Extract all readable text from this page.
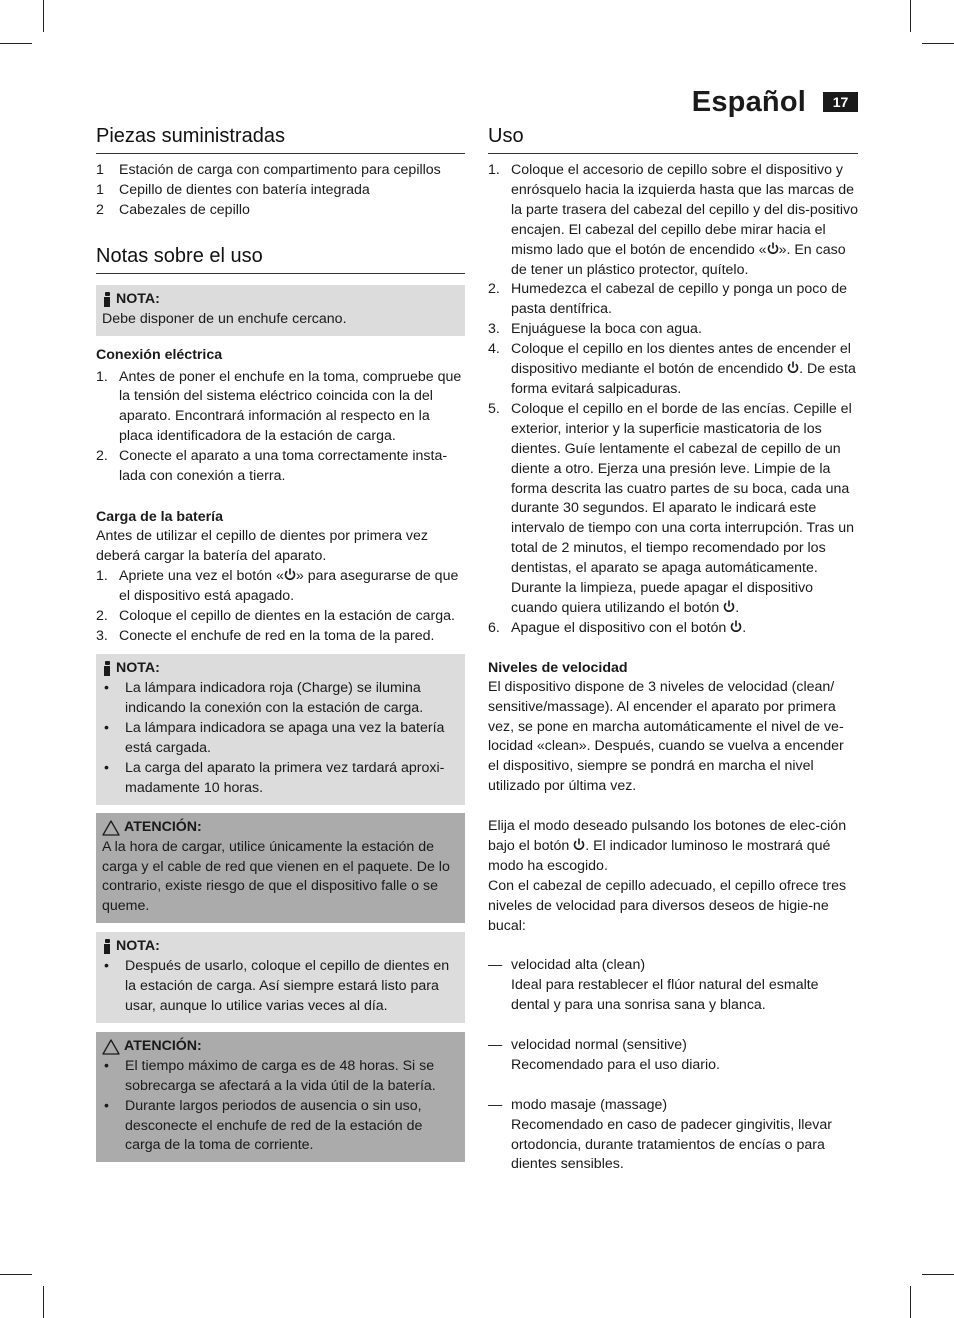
Español	17
Piezas suministradas
1 Estación de carga con compartimento para cepillos
1 Cepillo de dientes con batería integrada
2 Cabezales de cepillo
Notas sobre el uso
NOTA:
Debe disponer de un enchufe cercano.
Conexión eléctrica
1. Antes de poner el enchufe en la toma, compruebe que la tensión del sistema eléctrico coincida con la del aparato. Encontrará información al respecto en la placa identificadora de la estación de carga.
2. Conecte el aparato a una toma correctamente insta-lada con conexión a tierra.
Carga de la batería
Antes de utilizar el cepillo de dientes por primera vez deberá cargar la batería del aparato.
1. Apriete una vez el botón « » para asegurarse de que el dispositivo está apagado.
2. Coloque el cepillo de dientes en la estación de carga.
3. Conecte el enchufe de red en la toma de la pared.
NOTA:
• La lámpara indicadora roja (Charge) se ilumina indicando la conexión con la estación de carga.
• La lámpara indicadora se apaga una vez la batería está cargada.
• La carga del aparato la primera vez tardará aproxi-madamente 10 horas.
ATENCIÓN:
A la hora de cargar, utilice únicamente la estación de carga y el cable de red que vienen en el paquete. De lo contrario, existe riesgo de que el dispositivo falle o se queme.
NOTA:
• Después de usarlo, coloque el cepillo de dientes en la estación de carga. Así siempre estará listo para usar, aunque lo utilice varias veces al día.
ATENCIÓN:
• El tiempo máximo de carga es de 48 horas. Si se sobrecarga se afectará a la vida útil de la batería.
• Durante largos periodos de ausencia o sin uso, desconecte el enchufe de red de la estación de carga de la toma de corriente.
Uso
1. Coloque el accesorio de cepillo sobre el dispositivo y enrósquelo hacia la izquierda hasta que las marcas de la parte trasera del cabezal del cepillo y del dis-positivo encajen. El cabezal del cepillo debe mirar hacia el mismo lado que el botón de encendido « ». En caso de tener un plástico protector, quítelo.
2. Humedezca el cabezal de cepillo y ponga un poco de pasta dentífrica.
3. Enjuáguese la boca con agua.
4. Coloque el cepillo en los dientes antes de encender el dispositivo mediante el botón de encendido . De esta forma evitará salpicaduras.
5. Coloque el cepillo en el borde de las encías. Cepille el exterior, interior y la superficie masticatoria de los dientes. Guíe lentamente el cabezal de cepillo de un diente a otro. Ejerza una presión leve. Limpie de la forma descrita las cuatro partes de su boca, cada una durante 30 segundos. El aparato le indicará este intervalo de tiempo con una corta interrupción. Tras un total de 2 minutos, el tiempo recomendado por los dentistas, el aparato se apaga automáticamente. Durante la limpieza, puede apagar el dispositivo cuando quiera utilizando el botón .
6. Apague el dispositivo con el botón .
Niveles de velocidad
El dispositivo dispone de 3 niveles de velocidad (clean/ sensitive/massage). Al encender el aparato por primera vez, se pone en marcha automáticamente el nivel de ve-locidad «clean». Después, cuando se vuelva a encender el dispositivo, siempre se pondrá en marcha el nivel utilizado por última vez.
Elija el modo deseado pulsando los botones de elec-ción bajo el botón . El indicador luminoso le mostrará qué modo ha escogido.
Con el cabezal de cepillo adecuado, el cepillo ofrece tres niveles de velocidad para diversos deseos de higie-ne bucal:
— velocidad alta (clean)
Ideal para restablecer el flúor natural del esmalte dental y para una sonrisa sana y blanca.
— velocidad normal (sensitive)
Recomendado para el uso diario.
— modo masaje (massage)
Recomendado en caso de padecer gingivitis, llevar ortodoncia, durante tratamientos de encías o para dientes sensibles.
